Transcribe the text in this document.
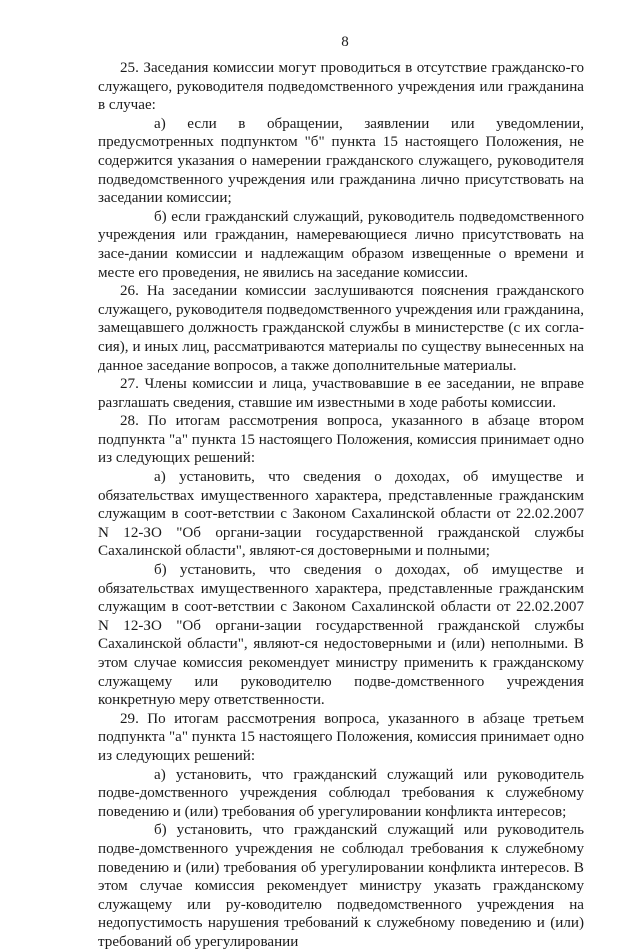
8

25. Заседания комиссии могут проводиться в отсутствие гражданско-го служащего, руководителя подведомственного учреждения или гражданина в случае:

а) если в обращении, заявлении или уведомлении, предусмотренных подпунктом "б" пункта 15 настоящего Положения, не содержится указания о намерении гражданского служащего, руководителя подведомственного учреждения или гражданина лично присутствовать на заседании комиссии;

б) если гражданский служащий, руководитель подведомственного учреждения или гражданин, намеревающиеся лично присутствовать на засе-дании комиссии и надлежащим образом извещенные о времени и месте его проведения, не явились на заседание комиссии.

26. На заседании комиссии заслушиваются пояснения гражданского служащего, руководителя подведомственного учреждения или гражданина, замещавшего должность гражданской службы в министерстве (с их согла-сия), и иных лиц, рассматриваются материалы по существу вынесенных на данное заседание вопросов, а также дополнительные материалы.

27. Члены комиссии и лица, участвовавшие в ее заседании, не вправе разглашать сведения, ставшие им известными в ходе работы комиссии.

28. По итогам рассмотрения вопроса, указанного в абзаце втором подпункта "а" пункта 15 настоящего Положения, комиссия принимает одно из следующих решений:

а) установить, что сведения о доходах, об имуществе и обязательствах имущественного характера, представленные гражданским служащим в соот-ветствии с Законом Сахалинской области от 22.02.2007 N 12-ЗО "Об органи-зации государственной гражданской службы Сахалинской области", являют-ся достоверными и полными;

б) установить, что сведения о доходах, об имуществе и обязательствах имущественного характера, представленные гражданским служащим в соот-ветствии с Законом Сахалинской области от 22.02.2007 N 12-ЗО "Об органи-зации государственной гражданской службы Сахалинской области", являют-ся недостоверными и (или) неполными. В этом случае комиссия рекомендует министру применить к гражданскому служащему или руководителю подве-домственного учреждения конкретную меру ответственности.

29. По итогам рассмотрения вопроса, указанного в абзаце третьем подпункта "а" пункта 15 настоящего Положения, комиссия принимает одно из следующих решений:

а) установить, что гражданский служащий или руководитель подве-домственного учреждения соблюдал требования к служебному поведению и (или) требования об урегулировании конфликта интересов;

б) установить, что гражданский служащий или руководитель подве-домственного учреждения не соблюдал требования к служебному поведению и (или) требования об урегулировании конфликта интересов. В этом случае комиссия рекомендует министру указать гражданскому служащему или ру-ководителю подведомственного учреждения на недопустимость нарушения требований к служебному поведению и (или) требований об урегулировании
